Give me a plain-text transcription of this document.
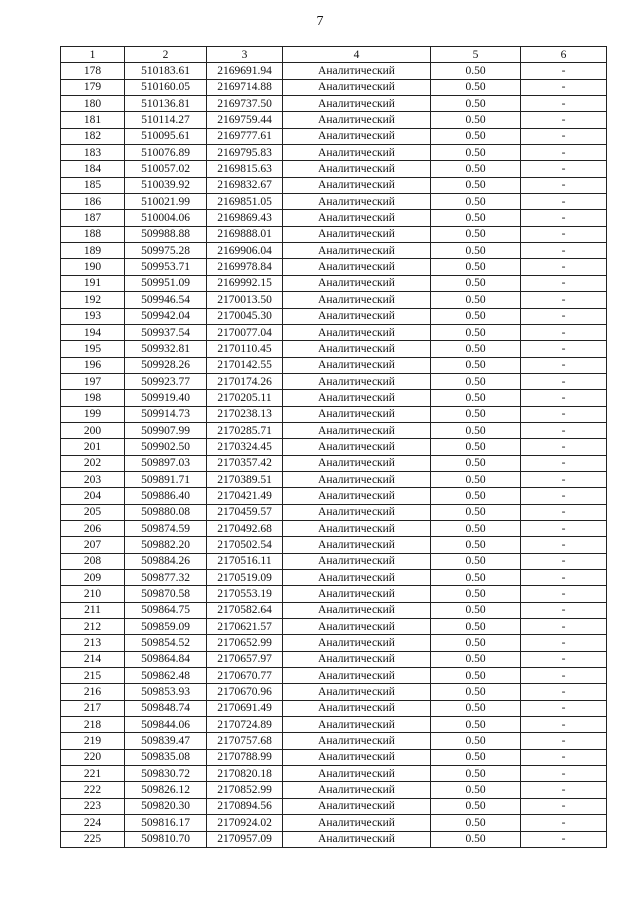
7
1	2	3	4	5	6
178	510183.61	2169691.94	Аналитический	0.50	-
179	510160.05	2169714.88	Аналитический	0.50	-
180	510136.81	2169737.50	Аналитический	0.50	-
181	510114.27	2169759.44	Аналитический	0.50	-
182	510095.61	2169777.61	Аналитический	0.50	-
183	510076.89	2169795.83	Аналитический	0.50	-
184	510057.02	2169815.63	Аналитический	0.50	-
185	510039.92	2169832.67	Аналитический	0.50	-
186	510021.99	2169851.05	Аналитический	0.50	-
187	510004.06	2169869.43	Аналитический	0.50	-
188	509988.88	2169888.01	Аналитический	0.50	-
189	509975.28	2169906.04	Аналитический	0.50	-
190	509953.71	2169978.84	Аналитический	0.50	-
191	509951.09	2169992.15	Аналитический	0.50	-
192	509946.54	2170013.50	Аналитический	0.50	-
193	509942.04	2170045.30	Аналитический	0.50	-
194	509937.54	2170077.04	Аналитический	0.50	-
195	509932.81	2170110.45	Аналитический	0.50	-
196	509928.26	2170142.55	Аналитический	0.50	-
197	509923.77	2170174.26	Аналитический	0.50	-
198	509919.40	2170205.11	Аналитический	0.50	-
199	509914.73	2170238.13	Аналитический	0.50	-
200	509907.99	2170285.71	Аналитический	0.50	-
201	509902.50	2170324.45	Аналитический	0.50	-
202	509897.03	2170357.42	Аналитический	0.50	-
203	509891.71	2170389.51	Аналитический	0.50	-
204	509886.40	2170421.49	Аналитический	0.50	-
205	509880.08	2170459.57	Аналитический	0.50	-
206	509874.59	2170492.68	Аналитический	0.50	-
207	509882.20	2170502.54	Аналитический	0.50	-
208	509884.26	2170516.11	Аналитический	0.50	-
209	509877.32	2170519.09	Аналитический	0.50	-
210	509870.58	2170553.19	Аналитический	0.50	-
211	509864.75	2170582.64	Аналитический	0.50	-
212	509859.09	2170621.57	Аналитический	0.50	-
213	509854.52	2170652.99	Аналитический	0.50	-
214	509864.84	2170657.97	Аналитический	0.50	-
215	509862.48	2170670.77	Аналитический	0.50	-
216	509853.93	2170670.96	Аналитический	0.50	-
217	509848.74	2170691.49	Аналитический	0.50	-
218	509844.06	2170724.89	Аналитический	0.50	-
219	509839.47	2170757.68	Аналитический	0.50	-
220	509835.08	2170788.99	Аналитический	0.50	-
221	509830.72	2170820.18	Аналитический	0.50	-
222	509826.12	2170852.99	Аналитический	0.50	-
223	509820.30	2170894.56	Аналитический	0.50	-
224	509816.17	2170924.02	Аналитический	0.50	-
225	509810.70	2170957.09	Аналитический	0.50	-
